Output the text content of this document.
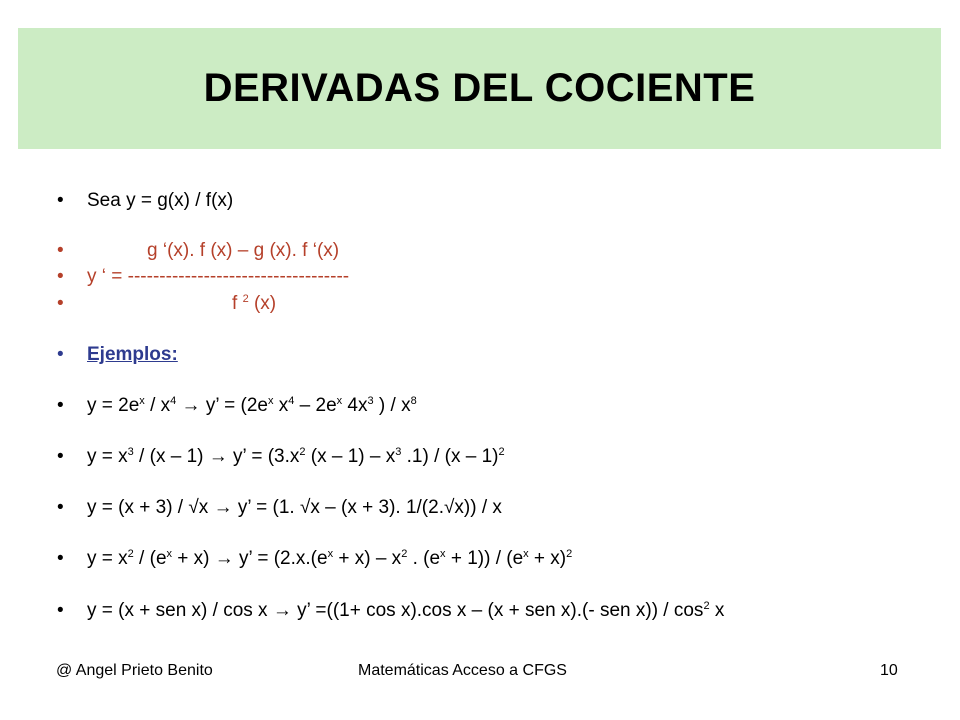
DERIVADAS DEL COCIENTE
• Sea y = g(x) / f(x)
•	g ‘(x). f (x) – g (x). f ‘(x)
• y ‘ = -----------------------------------
•	f $^2$ (x)
• Ejemplos:
• $y = 2e^x / x^4 \to y$’ = ($2e^x$ $x^4 - 2e^x$ $4x^3$ ) / $x^8$
• $y = x^3 / (x - 1) \to y$’ = ($3.x^2$ $(x - 1) - x^3$ .1) / (x – 1)$^2$
• y = (x + 3) / √x → y’ = (1. √x – (x + 3). 1/(2.√x)) / x
• $y = x^2 / (e^x + x) \to y$’ = ($2.x.(e^x + x) - x^2$ . $(e^x + 1)) / (e^x + x)^2$
• y = (x + sen x) / cos x → y’ =((1+ cos x).cos x – (x + sen x).(- sen $x)) / \cos^2 x$
@ Angel Prieto Benito	Matemáticas Acceso a CFGS	10
